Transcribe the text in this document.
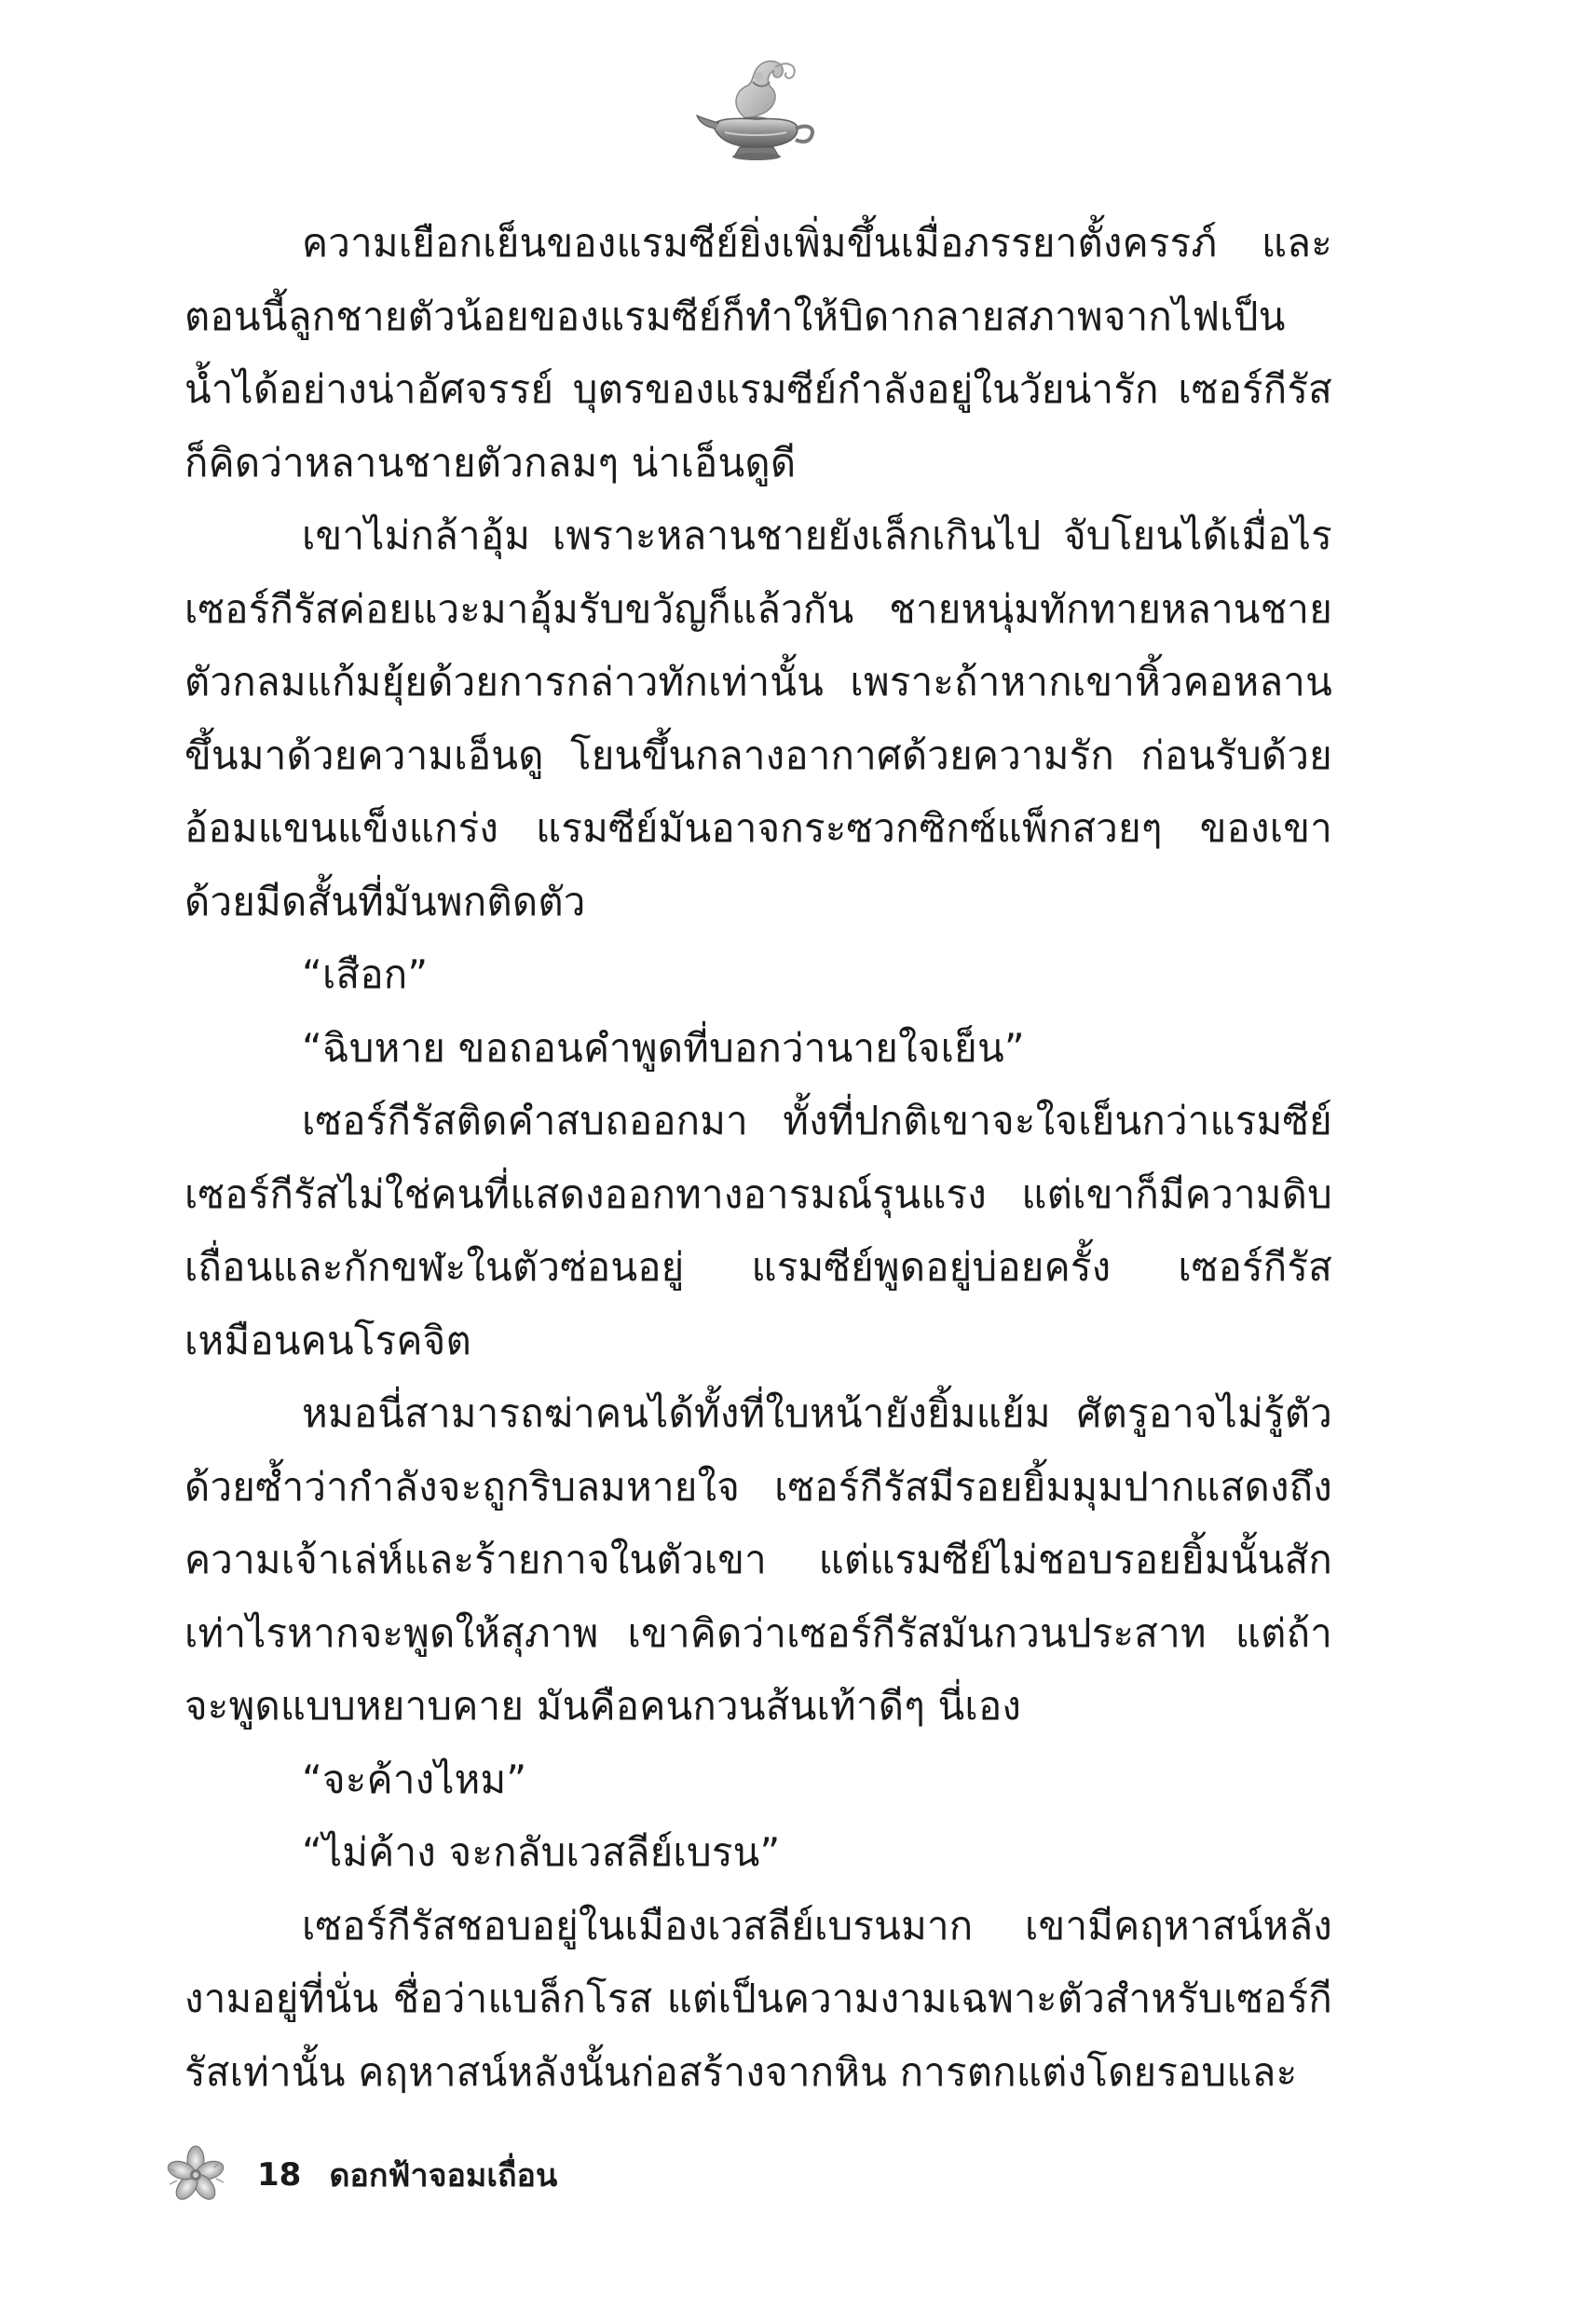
ความเยือกเย็นของแรมซีย์ยิ่งเพิ่มขึ้นเมื่อภรรยาตั้งครรภ์ และตอนนี้ลูกชายตัวน้อยของแรมซีย์ก็ทำให้บิดากลายสภาพจากไฟเป็นน้ำได้อย่างน่าอัศจรรย์ บุตรของแรมซีย์กำลังอยู่ในวัยน่ารัก เซอร์กีรัสก็คิดว่าหลานชายตัวกลมๆ น่าเอ็นดูดี

เขาไม่กล้าอุ้ม เพราะหลานชายยังเล็กเกินไป จับโยนได้เมื่อไรเซอร์กีรัสค่อยแวะมาอุ้มรับขวัญก็แล้วกัน ชายหนุ่มทักทายหลานชายตัวกลมแก้มยุ้ยด้วยการกล่าวทักเท่านั้น เพราะถ้าหากเขาหิ้วคอหลานขึ้นมาด้วยความเอ็นดู โยนขึ้นกลางอากาศด้วยความรัก ก่อนรับด้วยอ้อมแขนแข็งแกร่ง แรมซีย์มันอาจกระซวกซิกซ์แพ็กสวยๆ ของเขาด้วยมีดสั้นที่มันพกติดตัว

“เสือก”

“ฉิบหาย ขอถอนคำพูดที่บอกว่านายใจเย็น”

เซอร์กีรัสติดคำสบถออกมา ทั้งที่ปกติเขาจะใจเย็นกว่าแรมซีย์ เซอร์กีรัสไม่ใช่คนที่แสดงออกทางอารมณ์รุนแรง แต่เขาก็มีความดิบเถื่อนและกักขฬะในตัวซ่อนอยู่ แรมซีย์พูดอยู่บ่อยครั้ง เซอร์กีรัสเหมือนคนโรคจิต

หมอนี่สามารถฆ่าคนได้ทั้งที่ใบหน้ายังยิ้มแย้ม ศัตรูอาจไม่รู้ตัวด้วยซ้ำว่ากำลังจะถูกริบลมหายใจ เซอร์กีรัสมีรอยยิ้มมุมปากแสดงถึงความเจ้าเล่ห์และร้ายกาจในตัวเขา แต่แรมซีย์ไม่ชอบรอยยิ้มนั้นสักเท่าไรหากจะพูดให้สุภาพ เขาคิดว่าเซอร์กีรัสมันกวนประสาท แต่ถ้าจะพูดแบบหยาบคาย มันคือคนกวนส้นเท้าดีๆ นี่เอง

“จะค้างไหม”

“ไม่ค้าง จะกลับเวสลีย์เบรน”

เซอร์กีรัสชอบอยู่ในเมืองเวสลีย์เบรนมาก เขามีคฤหาสน์หลังงามอยู่ที่นั่น ชื่อว่าแบล็กโรส แต่เป็นความงามเฉพาะตัวสำหรับเซอร์กีรัสเท่านั้น คฤหาสน์หลังนั้นก่อสร้างจากหิน การตกแต่งโดยรอบและ

18 ดอกฟ้าจอมเถื่อน
